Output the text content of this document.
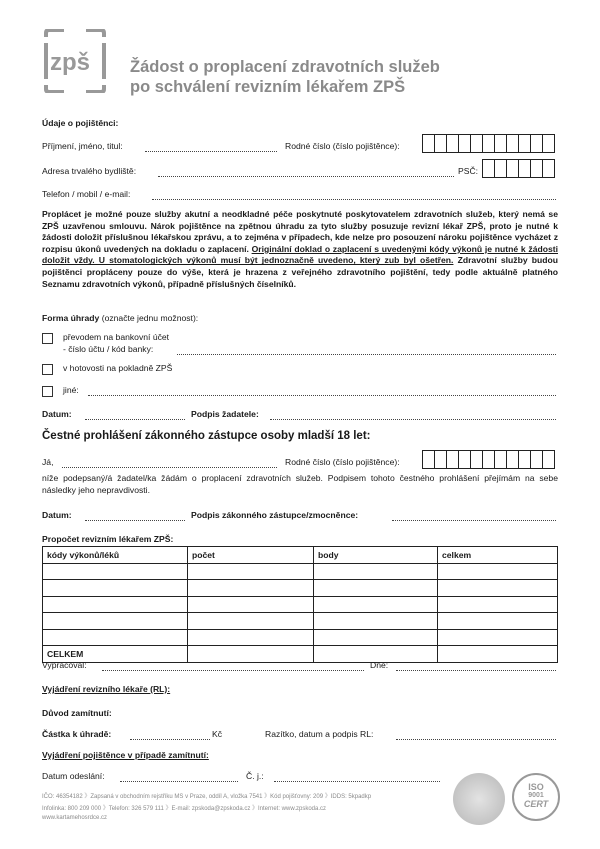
zpš Žádost o proplacení zdravotních služeb
po schválení revizním lékařem ZPŠ
Údaje o pojištěnci:
Příjmení, jméno, titul:	Rodné číslo (číslo pojištěnce):
Adresa trvalého bydliště:	PSČ:
Telefon / mobil / e-mail:
Proplácet je možné pouze služby akutní a neodkladné péče poskytnuté poskytovatelem zdravotních služeb, který nemá se ZPŠ uzavřenou smlouvu. Nárok pojištěnce na zpětnou úhradu za tyto služby posuzuje revizní lékař ZPŠ, proto je nutné k žádosti doložit příslušnou lékařskou zprávu, a to zejména v případech, kde nelze pro posouzení nároku pojištěnce vycházet z rozpisu úkonů uvedených na dokladu o zaplacení. Originální doklad o zaplacení s uvedenými kódy výkonů je nutné k žádosti doložit vždy. U stomatologických výkonů musí být jednoznačně uvedeno, který zub byl ošetřen. Zdravotní služby budou pojištěnci propláceny pouze do výše, která je hrazena z veřejného zdravotního pojištění, tedy podle aktuálně platného Seznamu zdravotních výkonů, případně příslušných číselníků.
Forma úhrady (označte jednu možnost):
převodem na bankovní účet
- číslo účtu / kód banky:
v hotovosti na pokladně ZPŠ
jiné:
Datum:	Podpis žadatele:
Čestné prohlášení zákonného zástupce osoby mladší 18 let:
Já,	Rodné číslo (číslo pojištěnce):
níže podepsaný/á žadatel/ka žádám o proplacení zdravotních služeb. Podpisem tohoto čestného prohlášení přejímám na sebe následky jeho nepravdivosti.
Datum:	Podpis zákonného zástupce/zmocněnce:
Propočet revizním lékařem ZPŠ:
kódy výkonů/léků	počet	body	celkem

CELKEM			
Vypracoval:	Dne:
Vyjádření revizního lékaře (RL):
Důvod zamítnutí:
Částka k úhradě:	Kč	Razítko, datum a podpis RL:
Vyjádření pojištěnce v případě zamítnutí:
Datum odeslání:	Č. j.:
IČO: 46354182 》Zapsaná v obchodním rejstříku MS v Praze, oddíl A, vložka 7541 》Kód pojišťovny: 209 》IDDS: 5kpadkp
Infolinka: 800 209 000 》Telefon: 326 579 111 》E-mail: zpskoda@zpskoda.cz 》Internet: www.zpskoda.cz
www.kartamehosrdce.cz
ISO
9001
CERT
